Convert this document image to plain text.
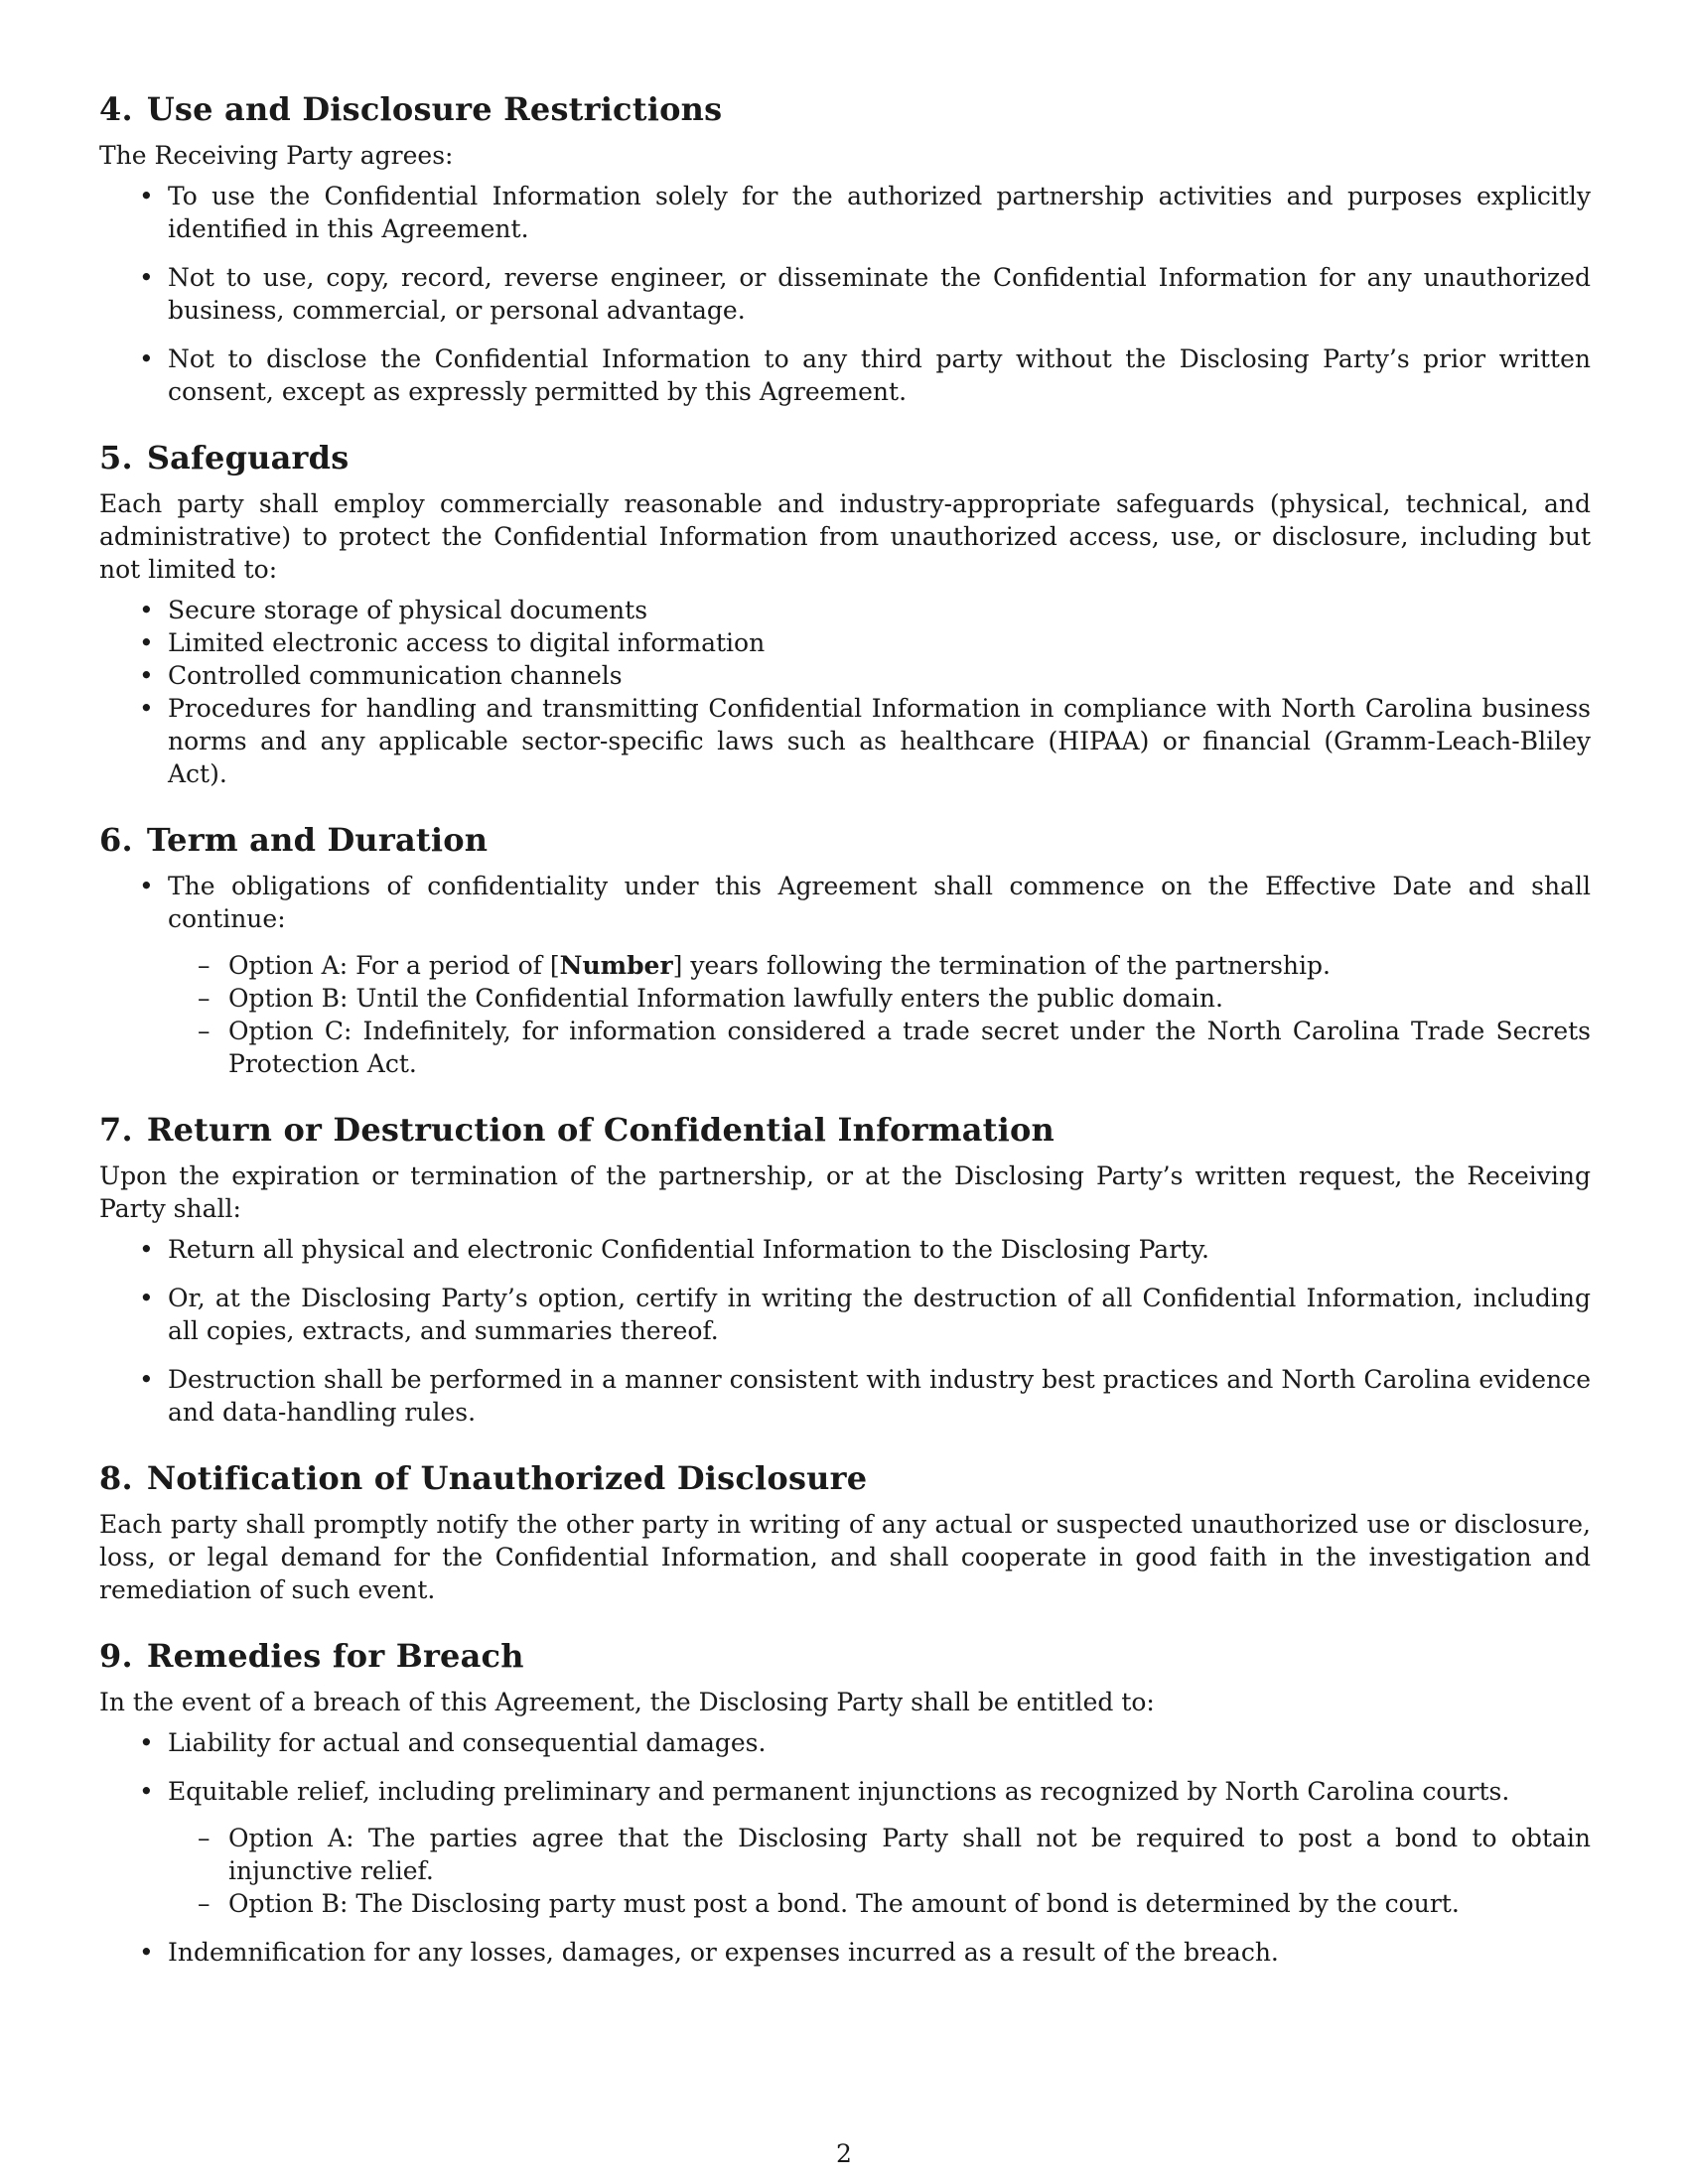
4. Use and Disclosure Restrictions

The Receiving Party agrees:

• To use the Confidential Information solely for the authorized partnership activities and purposes explicitly identified in this Agreement.
• Not to use, copy, record, reverse engineer, or disseminate the Confidential Information for any unauthorized business, commercial, or personal advantage.
• Not to disclose the Confidential Information to any third party without the Disclosing Party’s prior written consent, except as expressly permitted by this Agreement.
5. Safeguards

Each party shall employ commercially reasonable and industry-appropriate safeguards (physical, technical, and administrative) to protect the Confidential Information from unauthorized access, use, or disclosure, including but not limited to:

• Secure storage of physical documents
• Limited electronic access to digital information
• Controlled communication channels
• Procedures for handling and transmitting Confidential Information in compliance with North Carolina business norms and any applicable sector-specific laws such as healthcare (HIPAA) or financial (Gramm-Leach-Bliley Act).
6. Term and Duration
• The obligations of confidentiality under this Agreement shall commence on the Effective Date and shall continue:
– Option A: For a period of [Number] years following the termination of the partnership.
– Option B: Until the Confidential Information lawfully enters the public domain.
– Option C: Indefinitely, for information considered a trade secret under the North Carolina Trade Secrets Protection Act.
7. Return or Destruction of Confidential Information

Upon the expiration or termination of the partnership, or at the Disclosing Party’s written request, the Receiving Party shall:

• Return all physical and electronic Confidential Information to the Disclosing Party.
• Or, at the Disclosing Party’s option, certify in writing the destruction of all Confidential Information, including all copies, extracts, and summaries thereof.
• Destruction shall be performed in a manner consistent with industry best practices and North Carolina evidence and data-handling rules.
8. Notification of Unauthorized Disclosure

Each party shall promptly notify the other party in writing of any actual or suspected unauthorized use or disclosure, loss, or legal demand for the Confidential Information, and shall cooperate in good faith in the investigation and remediation of such event.

9. Remedies for Breach

In the event of a breach of this Agreement, the Disclosing Party shall be entitled to:

• Liability for actual and consequential damages.
• Equitable relief, including preliminary and permanent injunctions as recognized by North Carolina courts.
– Option A: The parties agree that the Disclosing Party shall not be required to post a bond to obtain injunctive relief.
– Option B: The Disclosing party must post a bond. The amount of bond is determined by the court.
• Indemnification for any losses, damages, or expenses incurred as a result of the breach.
2
